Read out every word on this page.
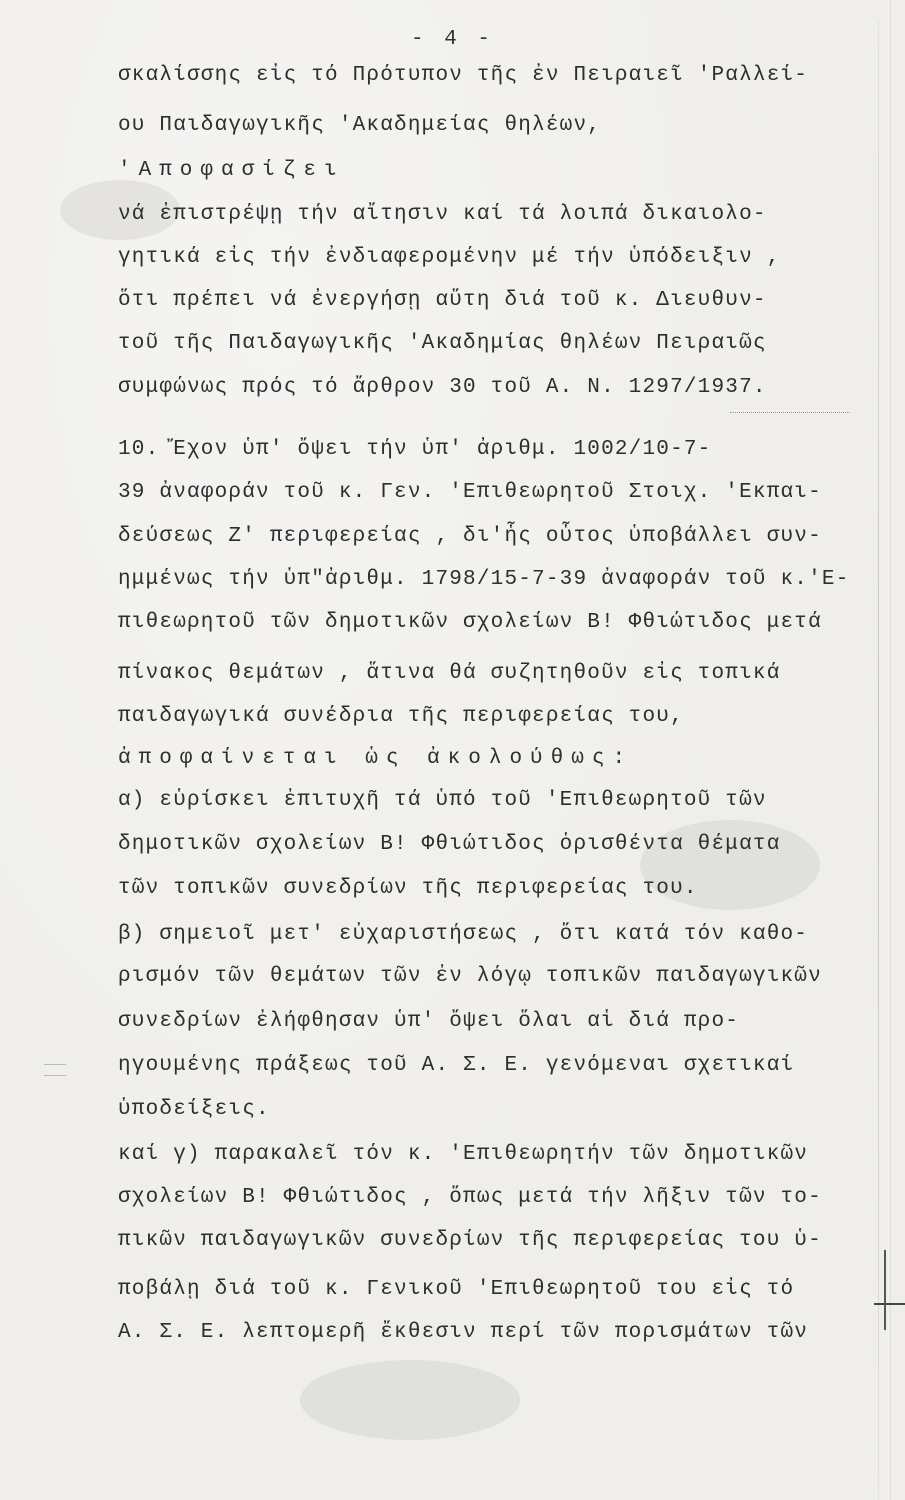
- 4 -
σκαλίσσης εἰς τό Πρότυπον τῆς ἐν Πειραιεῖ 'Ραλλεί-
ου Παιδαγωγικῆς 'Ακαδημείας θηλέων,
'Αποφασίζει
νά ἐπιστρέψῃ τήν αἴτησιν καί τά λοιπά δικαιολο-
γητικά εἰς τήν ἐνδιαφερομένην μέ τήν ὑπόδειξιν ,
ὅτι πρέπει νά ἐνεργήσῃ αὕτη διά τοῦ κ. Διευθυν-
τοῦ τῆς Παιδαγωγικῆς 'Ακαδημίας θηλέων Πειραιῶς
συμφώνως πρός τό ἄρθρον 30 τοῦ Α. Ν. 1297/1937.
10. Ἔχον ὑπ' ὄψει τήν ὑπ' ἀριθμ. 1002/10-7-
39 ἀναφοράν τοῦ κ. Γεν. 'Επιθεωρητοῦ Στοιχ. 'Εκπαι-
δεύσεως Ζ' περιφερείας , δι'ἧς οὗτος ὑποβάλλει συν-
ημμένως τήν ὑπ"ἀριθμ. 1798/15-7-39 ἀναφοράν τοῦ κ.'Ε-
πιθεωρητοῦ τῶν δημοτικῶν σχολείων Β! Φθιώτιδος μετά
πίνακος θεμάτων , ἅτινα θά συζητηθοῦν εἰς τοπικά
παιδαγωγικά συνέδρια τῆς περιφερείας του,
ἀποφαίνεται ὡς ἀκολούθως:
α) εὑρίσκει ἐπιτυχῆ τά ὑπό τοῦ 'Επιθεωρητοῦ τῶν
δημοτικῶν σχολείων Β! Φθιώτιδος ὁρισθέντα θέματα
τῶν τοπικῶν συνεδρίων τῆς περιφερείας του.
β) σημειοῖ μετ' εὐχαριστήσεως , ὅτι κατά τόν καθο-
ρισμόν τῶν θεμάτων τῶν ἐν λόγῳ τοπικῶν παιδαγωγικῶν
συνεδρίων ἐλήφθησαν ὑπ' ὄψει ὅλαι αἱ διά προ-
ηγουμένης πράξεως τοῦ Α. Σ. Ε. γενόμεναι σχετικαί
ὑποδείξεις.
καί γ) παρακαλεῖ τόν κ. 'Επιθεωρητήν τῶν δημοτικῶν
σχολείων Β! Φθιώτιδος , ὅπως μετά τήν λῆξιν τῶν το-
πικῶν παιδαγωγικῶν συνεδρίων τῆς περιφερείας του ὑ-
ποβάλῃ διά τοῦ κ. Γενικοῦ 'Επιθεωρητοῦ του εἰς τό
Α. Σ. Ε. λεπτομερῆ ἔκθεσιν περί τῶν πορισμάτων τῶν
